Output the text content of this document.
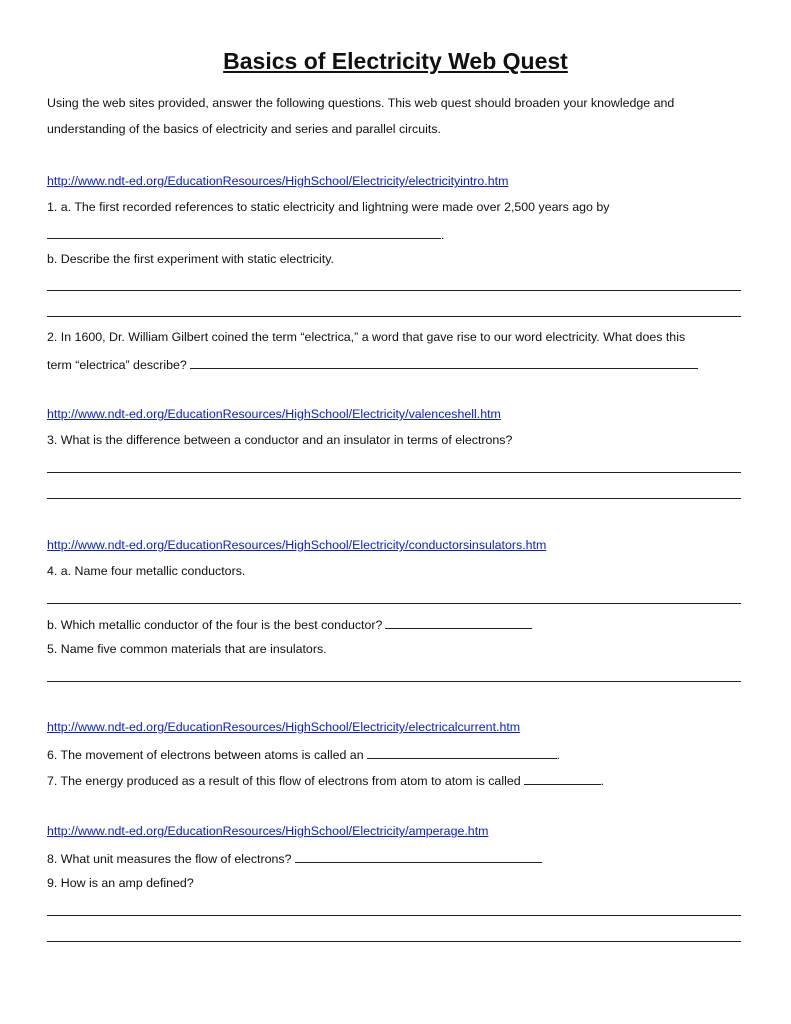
Basics of Electricity Web Quest

Using the web sites provided, answer the following questions. This web quest should broaden your knowledge and

understanding of the basics of electricity and series and parallel circuits.

http://www.ndt-ed.org/EducationResources/HighSchool/Electricity/electricityintro.htm

1. a. The first recorded references to static electricity and lightning were made over 2,500 years ago by

.

b. Describe the first experiment with static electricity.

2. In 1600, Dr. William Gilbert coined the term “electrica,” a word that gave rise to our word electricity. What does this

term “electrica” describe?

http://www.ndt-ed.org/EducationResources/HighSchool/Electricity/valenceshell.htm

3. What is the difference between a conductor and an insulator in terms of electrons?

http://www.ndt-ed.org/EducationResources/HighSchool/Electricity/conductorsinsulators.htm

4. a. Name four metallic conductors.

b. Which metallic conductor of the four is the best conductor?

5. Name five common materials that are insulators.

http://www.ndt-ed.org/EducationResources/HighSchool/Electricity/electricalcurrent.htm

6. The movement of electrons between atoms is called an	.

7. The energy produced as a result of this flow of electrons from atom to atom is called	.

http://www.ndt-ed.org/EducationResources/HighSchool/Electricity/amperage.htm

8. What unit measures the flow of electrons?

9. How is an amp defined?
